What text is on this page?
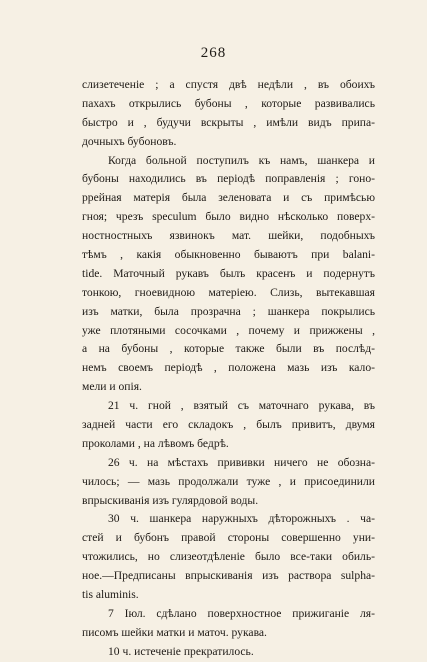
268
слизетеченіе ; а спустя двѣ недѣли , въ обоихъ
пахахъ открылись бубоны , которые развивались
быстро и , будучи вскрыты , имѣли видъ припа-
дочныхъ бубоновъ.
Когда больной поступилъ къ намъ, шанкера и
бубоны находились въ періодѣ поправленія ; гоно-
ррейная матерія была зеленовата и съ примѣсью
гноя; чрезъ speculum было видно нѣсколько поверх-
ностностныхъ язвинокъ мат. шейки, подобныхъ
тѣмъ , какія обыкновенно бываютъ при balani-
tide. Маточный рукавъ былъ красенъ и подернутъ
тонкою, гноевидною матеріею. Слизь, вытекавшая
изъ матки, была прозрачна ; шанкера покрылись
уже плотяными сосочками , почему и прижжены ,
а на бубоны , которые также были въ послѣд-
немъ своемъ періодѣ , положена мазь изъ кало-
мели и опія.
21 ч. гной , взятый съ маточнаго рукава, въ
задней части его складокъ , былъ привитъ, двумя
проколами , на лѣвомъ бедрѣ.
26 ч. на мѣстахъ прививки ничего не обозна-
чилось; — мазь продолжали туже , и присоединили
впрыскиванія изъ гулярдовой воды.
30 ч. шанкера наружныхъ дѣторожныхъ . ча-
стей и бубонъ правой стороны совершенно уни-
чтожились, но слизеотдѣленіе было все-таки обиль-
ное.—Предписаны впрыскиванія изъ раствора sulpha-
tis aluminis.
7 Іюл. сдѣлано поверхностное прижиганіе ля-
писомъ шейки матки и маточ. рукава.
10 ч. истеченіе прекратилось.
